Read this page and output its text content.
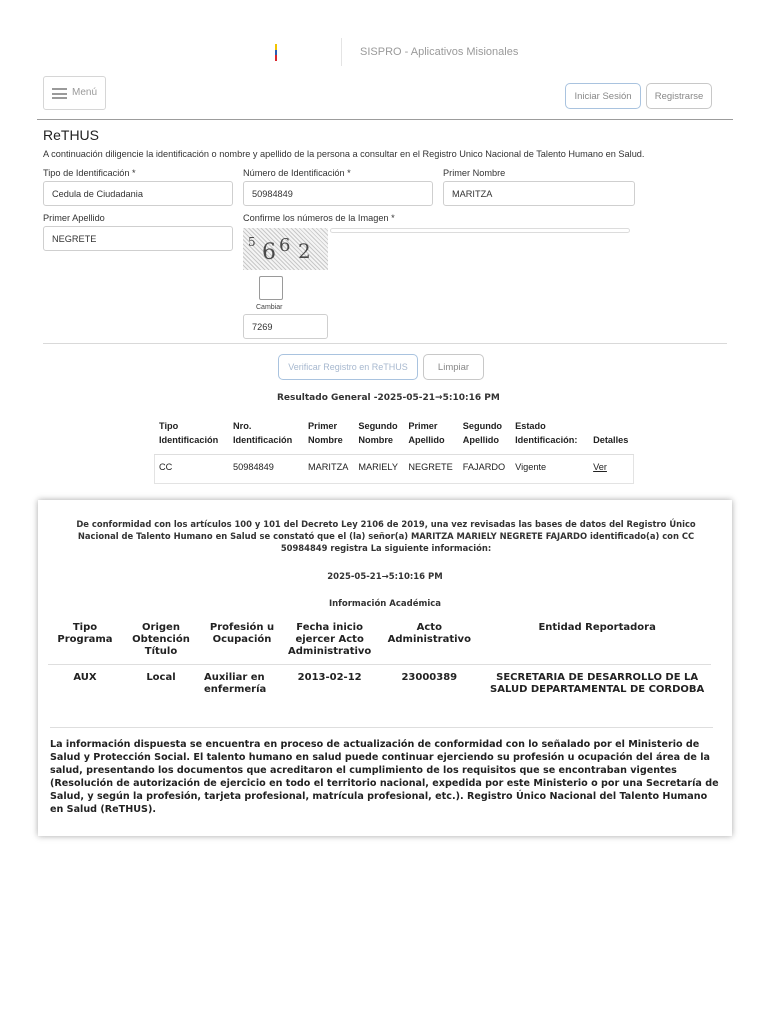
SISPRO - Aplicativos Misionales
Menú	Iniciar Sesión	Registrarse
ReTHUS
A continuación diligencie la identificación o nombre y apellido de la persona a consultar en el Registro Unico Nacional de Talento Humano en Salud.
Tipo de Identificación *
Cedula de Ciudadania
Número de Identificación *
50984849
Primer Nombre
MARITZA
Primer Apellido
NEGRETE
Confirme los números de la Imagen *
5 6 6 2
Cambiar
7269
Verificar Registro en ReTHUS	Limpiar
Resultado General -2025-05-21→5:10:16 PM
Tipo Identificación	Nro. Identificación	Primer Nombre	Segundo Nombre	Primer Apellido	Segundo Apellido	Estado Identificación:	Detalles
CC	50984849	MARITZA	MARIELY	NEGRETE	FAJARDO	Vigente	Ver
De conformidad con los artículos 100 y 101 del Decreto Ley 2106 de 2019, una vez revisadas las bases de datos del Registro Único Nacional de Talento Humano en Salud se constató que el (la) señor(a) MARITZA MARIELY NEGRETE FAJARDO identificado(a) con CC 50984849 registra La siguiente información:
2025-05-21→5:10:16 PM
Información Académica
Tipo Programa	Origen Obtención Título	Profesión u Ocupación	Fecha inicio ejercer Acto Administrativo	Acto Administrativo	Entidad Reportadora
AUX	Local	Auxiliar en enfermería	2013-02-12	23000389	SECRETARIA DE DESARROLLO DE LA SALUD DEPARTAMENTAL DE CORDOBA
La información dispuesta se encuentra en proceso de actualización de conformidad con lo señalado por el Ministerio de Salud y Protección Social. El talento humano en salud puede continuar ejerciendo su profesión u ocupación del área de la salud, presentando los documentos que acreditaron el cumplimiento de los requisitos que se encontraban vigentes (Resolución de autorización de ejercicio en todo el territorio nacional, expedida por este Ministerio o por una Secretaría de Salud, y según la profesión, tarjeta profesional, matrícula profesional, etc.). Registro Único Nacional del Talento Humano en Salud (ReTHUS).
